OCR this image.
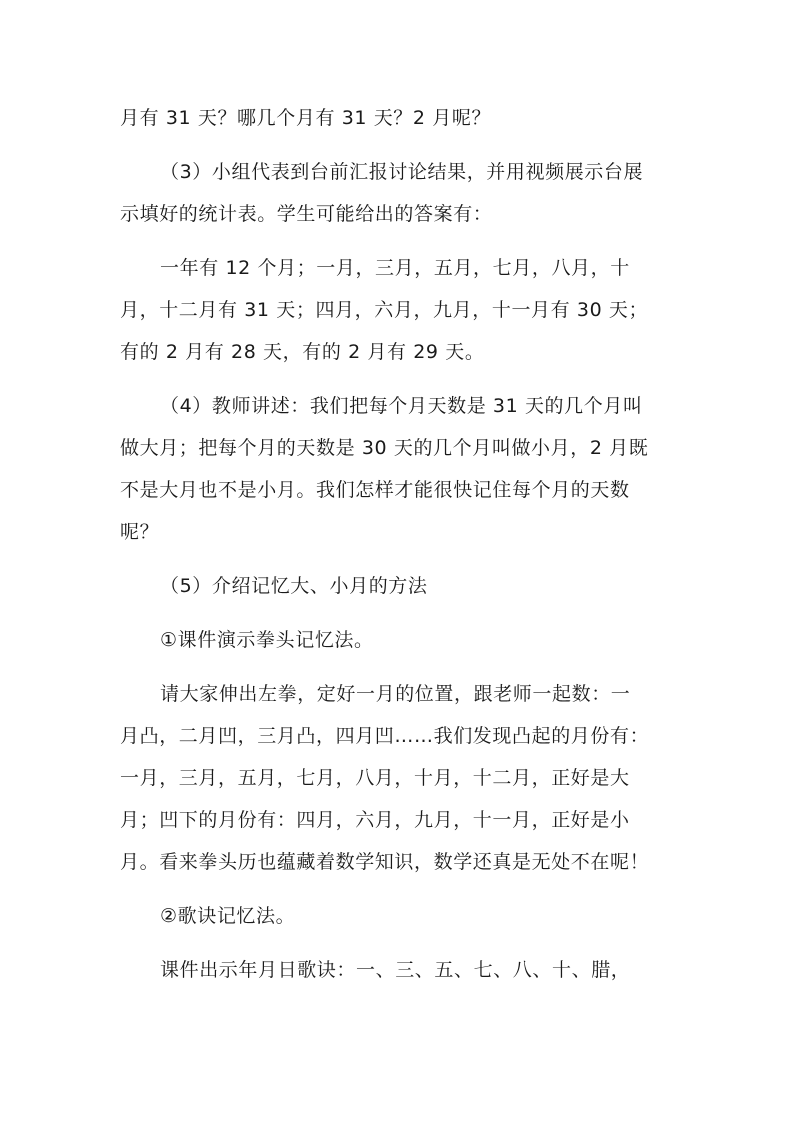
月有 31 天？哪几个月有 31 天？2 月呢？
（3）小组代表到台前汇报讨论结果，并用视频展示台展
示填好的统计表。学生可能给出的答案有：
一年有 12 个月；一月，三月，五月，七月，八月，十
月，十二月有 31 天；四月，六月，九月，十一月有 30 天；
有的 2 月有 28 天，有的 2 月有 29 天。
（4）教师讲述：我们把每个月天数是 31 天的几个月叫
做大月；把每个月的天数是 30 天的几个月叫做小月，2 月既
不是大月也不是小月。我们怎样才能很快记住每个月的天数
呢？
（5）介绍记忆大、小月的方法
①课件演示拳头记忆法。
请大家伸出左拳，定好一月的位置，跟老师一起数：一
月凸，二月凹，三月凸，四月凹……我们发现凸起的月份有：
一月，三月，五月，七月，八月，十月，十二月，正好是大
月；凹下的月份有：四月，六月，九月，十一月，正好是小
月。看来拳头历也蕴藏着数学知识，数学还真是无处不在呢！
②歌诀记忆法。
课件出示年月日歌诀：一、三、五、七、八、十、腊，
